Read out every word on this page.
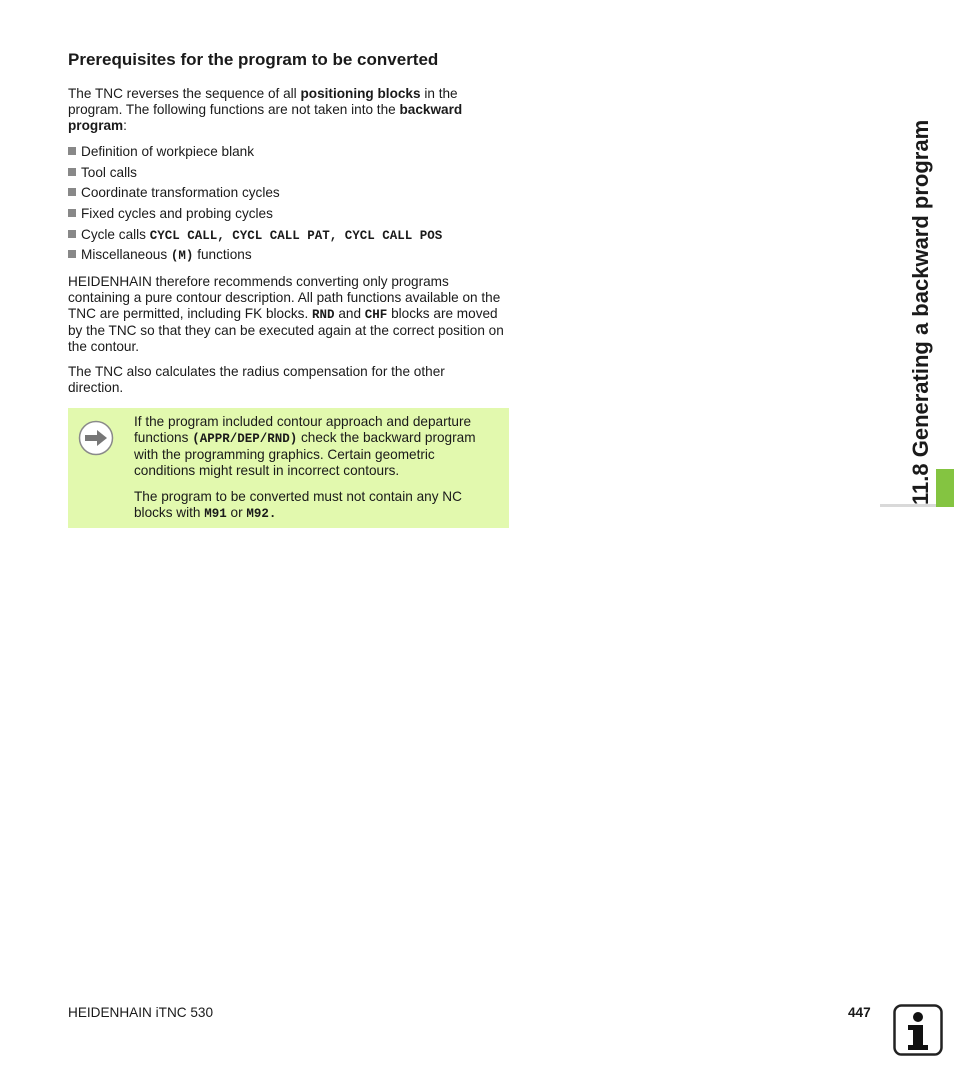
11.8 Generating a backward program
Prerequisites for the program to be converted

The TNC reverses the sequence of all positioning blocks in the program. The following functions are not taken into the backward program:

Definition of workpiece blank
Tool calls
Coordinate transformation cycles
Fixed cycles and probing cycles
Cycle calls CYCL CALL, CYCL CALL PAT, CYCL CALL POS
Miscellaneous (M) functions

HEIDENHAIN therefore recommends converting only programs containing a pure contour description. All path functions available on the TNC are permitted, including FK blocks. RND and CHF blocks are moved by the TNC so that they can be executed again at the correct position on the contour.

The TNC also calculates the radius compensation for the other direction.

If the program included contour approach and departure functions (APPR/DEP/RND) check the backward program with the programming graphics. Certain geometric conditions might result in incorrect contours.

The program to be converted must not contain any NC blocks with M91 or M92.

HEIDENHAIN iTNC 530	447
